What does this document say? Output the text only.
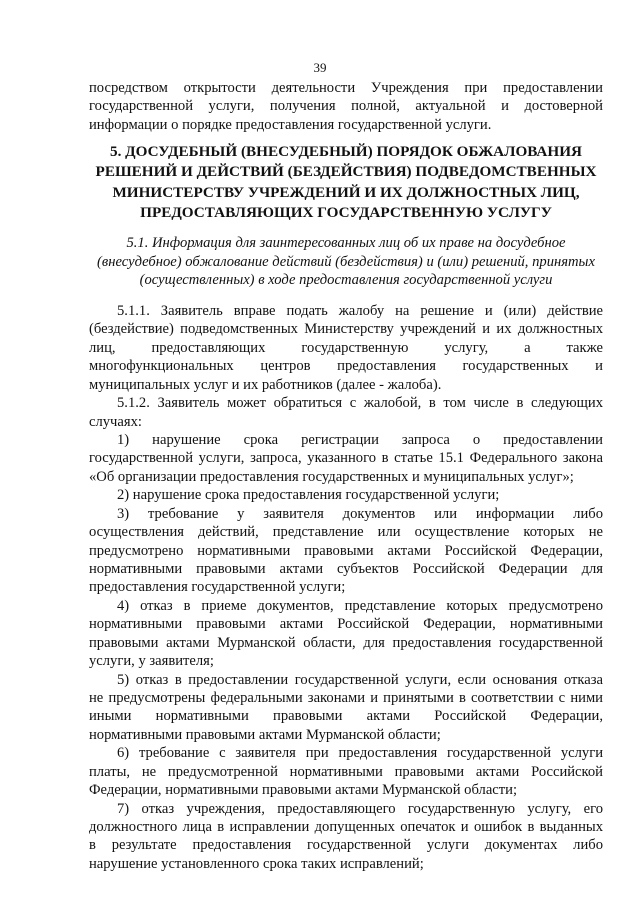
39
посредством открытости деятельности Учреждения при предоставлении
государственной услуги, получения полной, актуальной и достоверной
информации о порядке предоставления государственной услуги.
5. ДОСУДЕБНЫЙ (ВНЕСУДЕБНЫЙ) ПОРЯДОК ОБЖАЛОВАНИЯ
РЕШЕНИЙ И ДЕЙСТВИЙ (БЕЗДЕЙСТВИЯ) ПОДВЕДОМСТВЕННЫХ
МИНИСТЕРСТВУ УЧРЕЖДЕНИЙ И ИХ ДОЛЖНОСТНЫХ ЛИЦ,
ПРЕДОСТАВЛЯЮЩИХ ГОСУДАРСТВЕННУЮ УСЛУГУ
5.1. Информация для заинтересованных лиц об их праве на досудебное
(внесудебное) обжалование действий (бездействия) и (или) решений, принятых
(осуществленных) в ходе предоставления государственной услуги
5.1.1. Заявитель вправе подать жалобу на решение и (или) действие
(бездействие) подведомственных Министерству учреждений и их должностных
лиц, предоставляющих государственную услугу, а также
многофункциональных центров предоставления государственных и
муниципальных услуг и их работников (далее - жалоба).
5.1.2. Заявитель может обратиться с жалобой, в том числе в следующих
случаях:
1) нарушение срока регистрации запроса о предоставлении
государственной услуги, запроса, указанного в статье 15.1 Федерального закона
«Об организации предоставления государственных и муниципальных услуг»;
2) нарушение срока предоставления государственной услуги;
3) требование у заявителя документов или информации либо
осуществления действий, представление или осуществление которых не
предусмотрено нормативными правовыми актами Российской Федерации,
нормативными правовыми актами субъектов Российской Федерации для
предоставления государственной услуги;
4) отказ в приеме документов, представление которых предусмотрено
нормативными правовыми актами Российской Федерации, нормативными
правовыми актами Мурманской области, для предоставления государственной
услуги, у заявителя;
5) отказ в предоставлении государственной услуги, если основания отказа
не предусмотрены федеральными законами и принятыми в соответствии с ними
иными нормативными правовыми актами Российской Федерации,
нормативными правовыми актами Мурманской области;
6) требование с заявителя при предоставления государственной услуги
платы, не предусмотренной нормативными правовыми актами Российской
Федерации, нормативными правовыми актами Мурманской области;
7) отказ учреждения, предоставляющего государственную услугу, его
должностного лица в исправлении допущенных опечаток и ошибок в выданных
в результате предоставления государственной услуги документах либо
нарушение установленного срока таких исправлений;
